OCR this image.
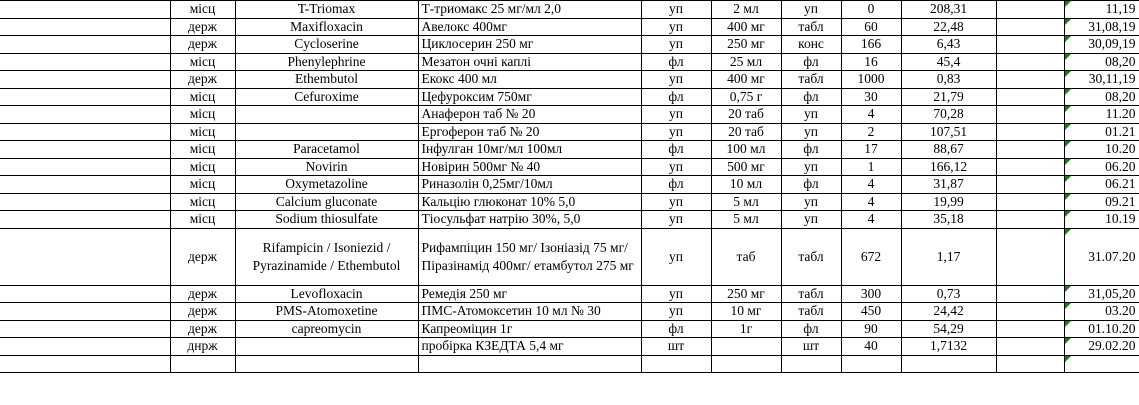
	місц	T-Triomax	Т-триомакс 25 мг/мл 2,0	уп	2 мл	уп	0	208,31		11,19
	держ	Maxifloxacin	Авелокс 400мг	уп	400 мг	табл	60	22,48		31,08,19
	держ	Cycloserine	Циклосерин 250 мг	уп	250 мг	конс	166	6,43		30,09,19
	місц	Phenylephrine	Мезатон очні каплі	фл	25 мл	фл	16	45,4		08,20
	держ	Ethembutol	Екокс 400 мл	уп	400 мг	табл	1000	0,83		30,11,19
	місц	Cefuroxime	Цефуроксим 750мг	фл	0,75 г	фл	30	21,79		08,20
	місц		Анаферон таб № 20	уп	20 таб	уп	4	70,28		11.20
	місц		Ергоферон таб № 20	уп	20 таб	уп	2	107,51		01.21
	місц	Paracetamol	Інфулган 10мг/мл 100мл	фл	100 мл	фл	17	88,67		10.20
	місц	Novirin	Новірин 500мг № 40	уп	500 мг	уп	1	166,12		06.20
	місц	Oxymetazoline	Риназолін 0,25мг/10мл	фл	10 мл	фл	4	31,87		06.21
	місц	Calcium gluconate	Кальцію глюконат 10% 5,0	уп	5 мл	уп	4	19,99		09.21
	місц	Sodium thiosulfate	Тіосульфат натрію 30%, 5,0	уп	5 мл	уп	4	35,18		10.19
	держ	Rifampicin / Isoniezid / Pyrazinamide / Ethembutol	Рифампіцин 150 мг/ Ізоніазід 75 мг/Піразінамід 400мг/ етамбутол 275 мг	уп	таб	табл	672	1,17		31.07.20
	держ	Levofloxacin	Ремедія 250 мг	уп	250 мг	табл	300	0,73		31,05,20
	держ	PMS-Atomoxetine	ПМС-Атомоксетин 10 мл № 30	уп	10 мг	табл	450	24,42		03.20
	держ	capreomycin	Капреоміцин 1г	фл	1г	фл	90	54,29		01.10.20
	днрж		пробірка КЗЕДТА 5,4 мг	шт		шт	40	1,7132		29.02.20
